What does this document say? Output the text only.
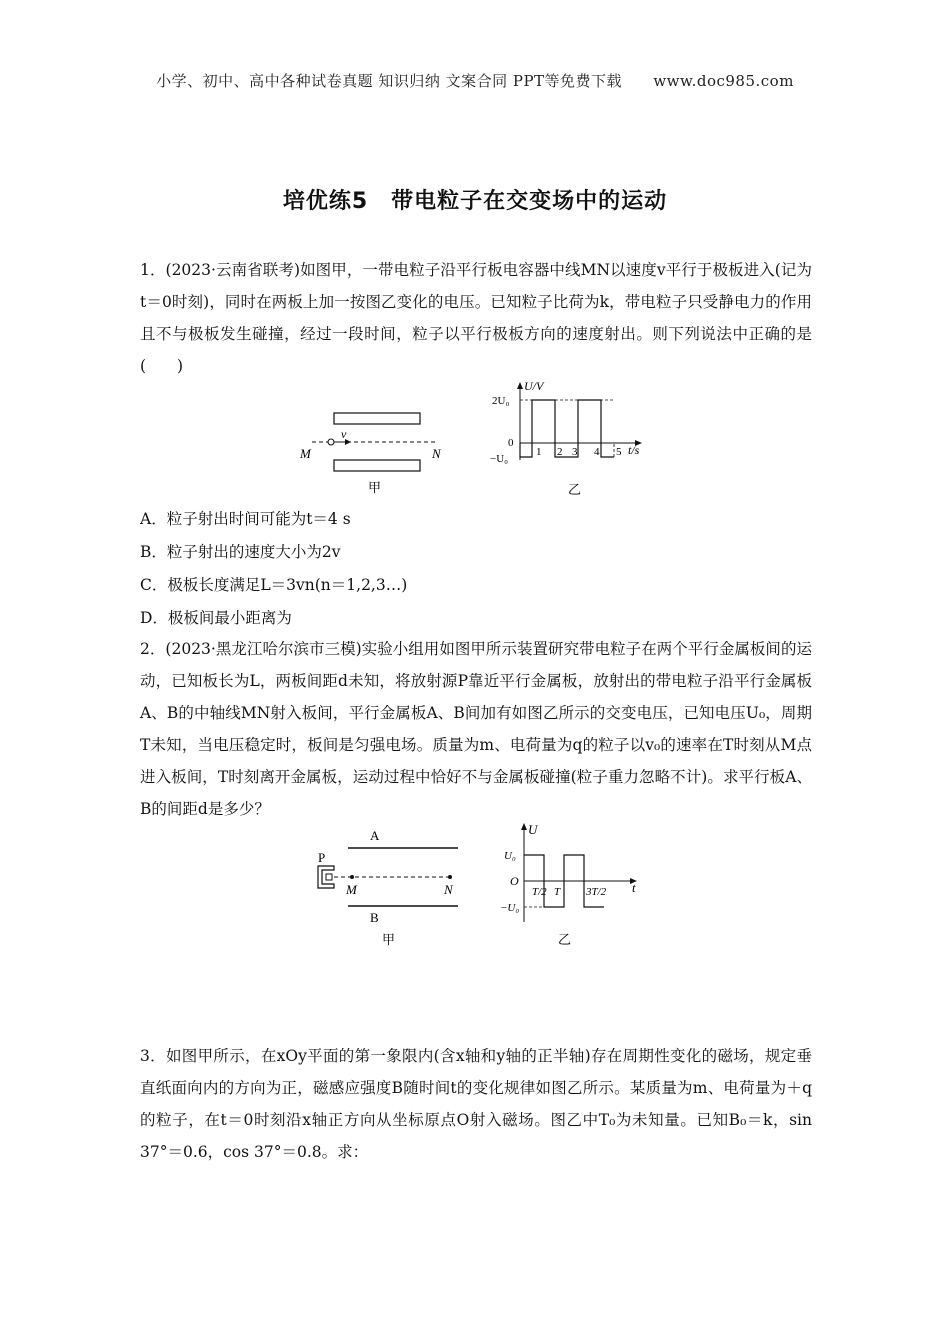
小学、初中、高中各种试卷真题 知识归纳 文案合同 PPT等免费下载 www.doc985.com
培优练5　带电粒子在交变场中的运动
1．(2023·云南省联考)如图甲，一带电粒子沿平行板电容器中线MN以速度v平行于极板进入(记为t＝0时刻)，同时在两板上加一按图乙变化的电压。已知粒子比荷为k，带电粒子只受静电力的作用且不与极板发生碰撞，经过一段时间，粒子以平行极板方向的速度射出。则下列说法中正确的是(　　)
v
M	N
甲
U/V
t/s
2U₀
0
−U₀
1 2 3 4 5
乙
A．粒子射出时间可能为t＝4 s
B．粒子射出的速度大小为2v
C．极板长度满足L＝3vn(n＝1,2,3…)
D．极板间最小距离为
2．(2023·黑龙江哈尔滨市三模)实验小组用如图甲所示装置研究带电粒子在两个平行金属板间的运动，已知板长为L，两板间距d未知，将放射源P靠近平行金属板，放射出的带电粒子沿平行金属板A、B的中轴线MN射入板间，平行金属板A、B间加有如图乙所示的交变电压，已知电压U₀，周期T未知，当电压稳定时，板间是匀强电场。质量为m、电荷量为q的粒子以v₀的速率在T时刻从M点进入板间，T时刻离开金属板，运动过程中恰好不与金属板碰撞(粒子重力忽略不计)。求平行板A、B的间距d是多少？
A
B
P
M	N
甲
U
t
U₀
O
−U₀
T/2 T 3T/2
乙
3．如图甲所示，在xOy平面的第一象限内(含x轴和y轴的正半轴)存在周期性变化的磁场，规定垂直纸面向内的方向为正，磁感应强度B随时间t的变化规律如图乙所示。某质量为m、电荷量为＋q的粒子，在t＝0时刻沿x轴正方向从坐标原点O射入磁场。图乙中T₀为未知量。已知B₀＝k，sin 37°＝0.6，cos 37°＝0.8。求：
